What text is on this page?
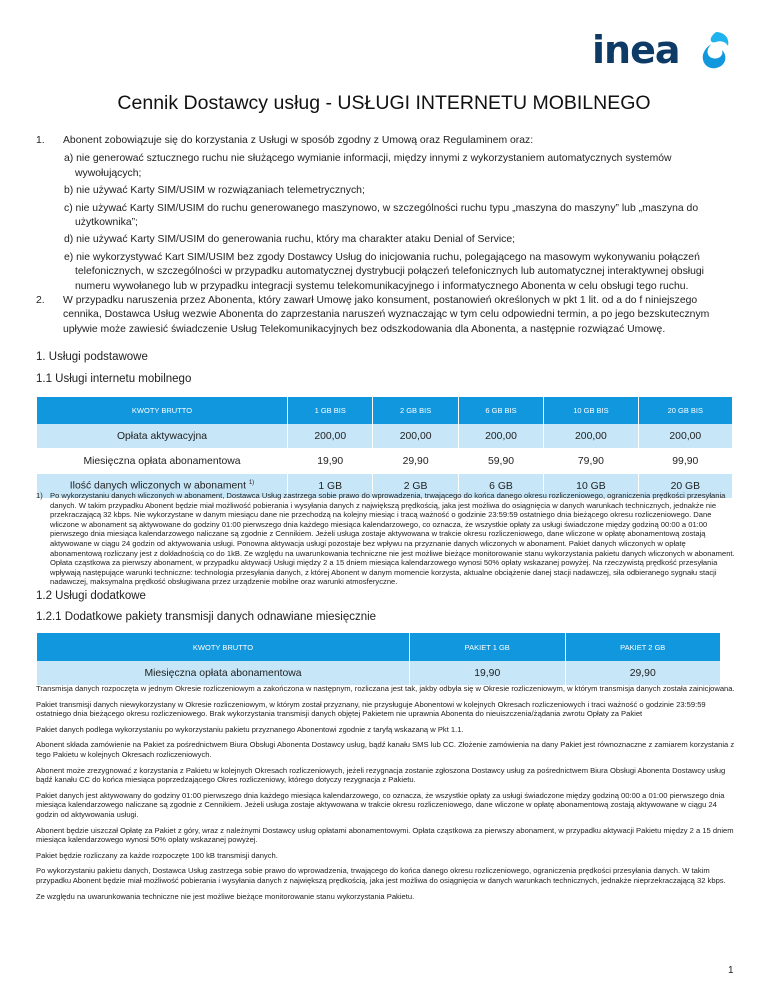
inea
Cennik Dostawcy usług - USŁUGI INTERNETU MOBILNEGO
1.	Abonent zobowiązuje się do korzystania z Usługi w sposób zgodny z Umową oraz Regulaminem oraz:
a) nie generować sztucznego ruchu nie służącego wymianie informacji, między innymi z wykorzystaniem automatycznych systemów wywołujących;
b) nie używać Karty SIM/USIM w rozwiązaniach telemetrycznych;
c) nie używać Karty SIM/USIM do ruchu generowanego maszynowo, w szczególności ruchu typu „maszyna do maszyny” lub „maszyna do użytkownika”;
d) nie używać Karty SIM/USIM do generowania ruchu, który ma charakter ataku Denial of Service;
e) nie wykorzystywać Kart SIM/USIM bez zgody Dostawcy Usług do inicjowania ruchu, polegającego na masowym wykonywaniu połączeń telefonicznych, w szczególności w przypadku automatycznej dystrybucji połączeń telefonicznych lub automatycznej interaktywnej obsługi numeru wywołanego lub w przypadku integracji systemu telekomunikacyjnego i informatycznego Abonenta w celu obsługi tego ruchu.
2.	W przypadku naruszenia przez Abonenta, który zawarł Umowę jako konsument, postanowień określonych w pkt 1 lit. od a do f niniejszego cennika, Dostawca Usług wezwie Abonenta do zaprzestania naruszeń wyznaczając w tym celu odpowiedni termin, a po jego bezskutecznym upływie może zawiesić świadczenie Usług Telekomunikacyjnych bez odszkodowania dla Abonenta, a następnie rozwiązać Umowę.
1. Usługi podstawowe
1.1 Usługi internetu mobilnego
KWOTY BRUTTO	1 GB BIS	2 GB BIS	6 GB BIS	10 GB BIS	20 GB BIS
Opłata aktywacyjna	200,00	200,00	200,00	200,00	200,00
Miesięczna opłata abonamentowa	19,90	29,90	59,90	79,90	99,90
Ilość danych wliczonych w abonament $^{1)}$	1 GB	2 GB	6 GB	10 GB	20 GB
1) Po wykorzystaniu danych wliczonych w abonament, Dostawca Usług zastrzega sobie prawo do wprowadzenia, trwającego do końca danego okresu rozliczeniowego, ograniczenia prędkości przesyłania danych. W takim przypadku Abonent będzie miał możliwość pobierania i wysyłania danych z największą prędkością, jaka jest możliwa do osiągnięcia w danych warunkach technicznych, jednakże nie przekraczającą 32 kbps. Nie wykorzystane w danym miesiącu dane nie przechodzą na kolejny miesiąc i tracą ważność o godzinie 23:59:59 ostatniego dnia bieżącego okresu rozliczeniowego. Dane wliczone w abonament są aktywowane do godziny 01:00 pierwszego dnia każdego miesiąca kalendarzowego, co oznacza, że wszystkie opłaty za usługi świadczone między godziną 00:00 a 01:00 pierwszego dnia miesiąca kalendarzowego naliczane są zgodnie z Cennikiem. Jeżeli usługa zostaje aktywowana w trakcie okresu rozliczeniowego, dane wliczone w opłatę abonamentową zostają aktywowane w ciągu 24 godzin od aktywowania usługi. Ponowna aktywacja usługi pozostaje bez wpływu na przyznanie danych wliczonych w abonament. Pakiet danych wliczonych w opłatę abonamentową rozliczany jest z dokładnością co do 1kB. Ze względu na uwarunkowania techniczne nie jest możliwe bieżące monitorowanie stanu wykorzystania pakietu danych wliczonych w abonament. Opłata cząstkowa za pierwszy abonament, w przypadku aktywacji Usługi między 2 a 15 dniem miesiąca kalendarzowego wynosi 50% opłaty wskazanej powyżej. Na rzeczywistą prędkość przesyłania wpływają następujące warunki techniczne: technologia przesyłania danych, z której Abonent w danym momencie korzysta, aktualne obciążenie danej stacji nadawczej, siła odbieranego sygnału stacji nadawczej, maksymalna prędkość obsługiwana przez urządzenie mobilne oraz warunki atmosferyczne.
1.2 Usługi dodatkowe
1.2.1 Dodatkowe pakiety transmisji danych odnawiane miesięcznie
KWOTY BRUTTO	PAKIET 1 GB	PAKIET 2 GB
Miesięczna opłata abonamentowa	19,90	29,90

Transmisja danych rozpoczęta w jednym Okresie rozliczeniowym a zakończona w następnym, rozliczana jest tak, jakby odbyła się w Okresie rozliczeniowym, w którym transmisja danych została zainicjowana.

Pakiet transmisji danych niewykorzystany w Okresie rozliczeniowym, w którym został przyznany, nie przysługuje Abonentowi w kolejnych Okresach rozliczeniowych i traci ważność o godzinie 23:59:59 ostatniego dnia bieżącego okresu rozliczeniowego. Brak wykorzystania transmisji danych objętej Pakietem nie uprawnia Abonenta do nieuiszczenia/żądania zwrotu Opłaty za Pakiet

Pakiet danych podlega wykorzystaniu po wykorzystaniu pakietu przyznanego Abonentowi zgodnie z taryfą wskazaną w Pkt 1.1.

Abonent składa zamówienie na Pakiet za pośrednictwem Biura Obsługi Abonenta Dostawcy usług, bądź kanału SMS lub CC. Złożenie zamówienia na dany Pakiet jest równoznaczne z zamiarem korzystania z tego Pakietu w kolejnych Okresach rozliczeniowych.

Abonent może zrezygnować z korzystania z Pakietu w kolejnych Okresach rozliczeniowych, jeżeli rezygnacja zostanie zgłoszona Dostawcy usług za pośrednictwem Biura Obsługi Abonenta Dostawcy usług bądź kanału CC do końca miesiąca poprzedzającego Okres rozliczeniowy, którego dotyczy rezygnacja z Pakietu.

Pakiet danych jest aktywowany do godziny 01:00 pierwszego dnia każdego miesiąca kalendarzowego, co oznacza, że wszystkie opłaty za usługi świadczone między godziną 00:00 a 01:00 pierwszego dnia miesiąca kalendarzowego naliczane są zgodnie z Cennikiem. Jeżeli usługa zostaje aktywowana w trakcie okresu rozliczeniowego, dane wliczone w opłatę abonamentową zostają aktywowane w ciągu 24 godzin od aktywowania usługi.

Abonent będzie uiszczał Opłatę za Pakiet z góry, wraz z należnymi Dostawcy usług opłatami abonamentowymi. Opłata cząstkowa za pierwszy abonament, w przypadku aktywacji Pakietu między 2 a 15 dniem miesiąca kalendarzowego wynosi 50% opłaty wskazanej powyżej.

Pakiet będzie rozliczany za każde rozpoczęte 100 kB transmisji danych.

Po wykorzystaniu pakietu danych, Dostawca Usług zastrzega sobie prawo do wprowadzenia, trwającego do końca danego okresu rozliczeniowego, ograniczenia prędkości przesyłania danych. W takim przypadku Abonent będzie miał możliwość pobierania i wysyłania danych z największą prędkością, jaka jest możliwa do osiągnięcia w danych warunkach technicznych, jednakże nieprzekraczającą 32 kbps.

Ze względu na uwarunkowania techniczne nie jest możliwe bieżące monitorowanie stanu wykorzystania Pakietu.

1
